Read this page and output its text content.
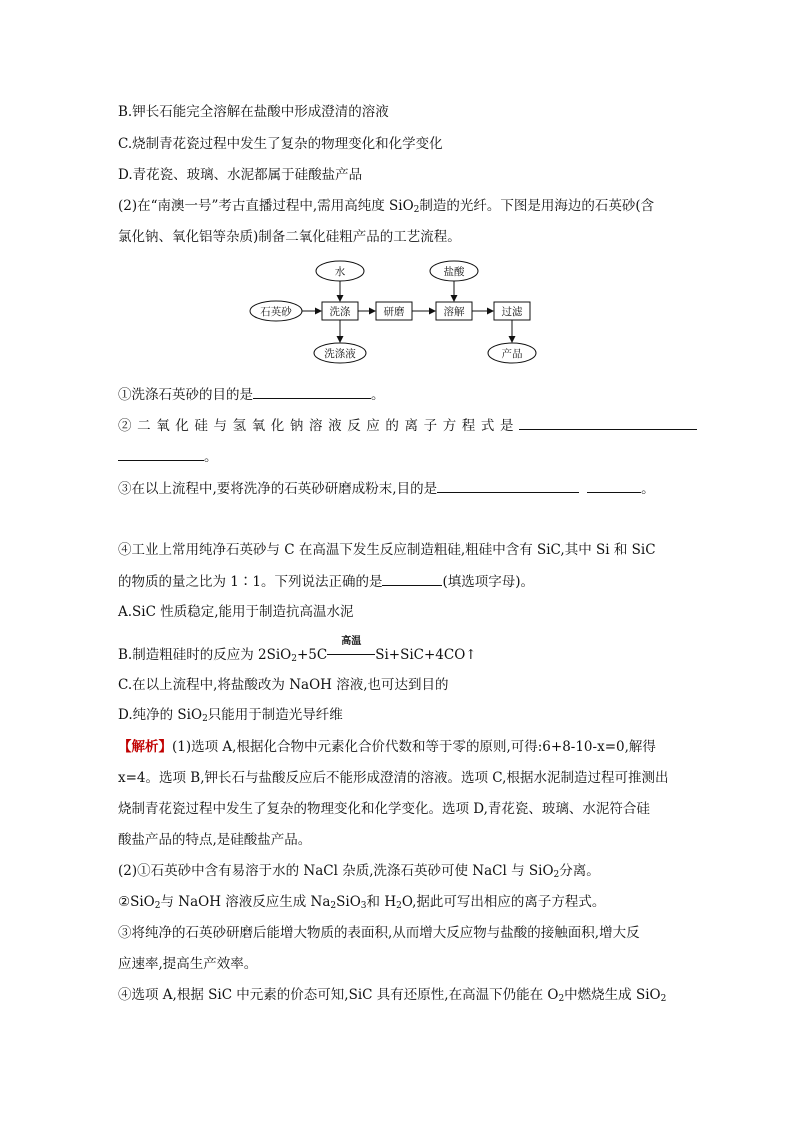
B.钾长石能完全溶解在盐酸中形成澄清的溶液
C.烧制青花瓷过程中发生了复杂的物理变化和化学变化
D.青花瓷、玻璃、水泥都属于硅酸盐产品
(2)在“南澳一号”考古直播过程中,需用高纯度 SiO$_2$制造的光纤。下图是用海边的石英砂(含
氯化钠、氧化铝等杂质)制备二氧化硅粗产品的工艺流程。
水	盐酸
石英砂
洗涤液	产品
洗涤	研磨	溶解	过滤
①洗涤石英砂的目的是	。
②二氧化硅与氢氧化钠溶液反应的离子方程式是
。
③在以上流程中,要将洗净的石英砂研磨成粉末,目的是	。
④工业上常用纯净石英砂与 C 在高温下发生反应制造粗硅,粗硅中含有 SiC,其中 Si 和 SiC
的物质的量之比为 1∶1。下列说法正确的是	(填选项字母)。
A.SiC 性质稳定,能用于制造抗高温水泥
B.制造粗硅时的反应为 2SiO$_2$+5C
高温
Si+SiC+4CO↑
C.在以上流程中,将盐酸改为 NaOH 溶液,也可达到目的
D.纯净的 SiO$_2$只能用于制造光导纤维
【解析】(1)选项 A,根据化合物中元素化合价代数和等于零的原则,可得:6+8-10-x=0,解得
x=4。选项 B,钾长石与盐酸反应后不能形成澄清的溶液。选项 C,根据水泥制造过程可推测出
烧制青花瓷过程中发生了复杂的物理变化和化学变化。选项 D,青花瓷、玻璃、水泥符合硅
酸盐产品的特点,是硅酸盐产品。
(2)①石英砂中含有易溶于水的 NaCl 杂质,洗涤石英砂可使 NaCl 与 SiO$_2$分离。
②SiO$_2$与 NaOH 溶液反应生成 $Na_2SiO_3$和 $H_2O$,据此可写出相应的离子方程式。
③将纯净的石英砂研磨后能增大物质的表面积,从而增大反应物与盐酸的接触面积,增大反
应速率,提高生产效率。
④选项 A,根据 SiC 中元素的价态可知,SiC 具有还原性,在高温下仍能在 $O_2$中燃烧生成 SiO$_2$
